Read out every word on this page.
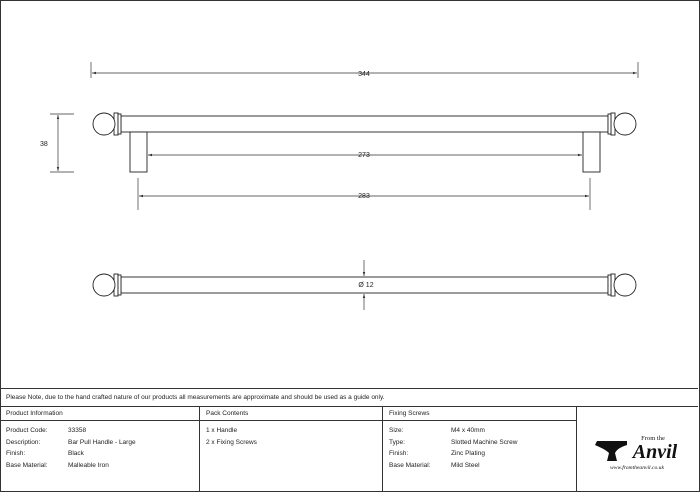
344
38
273
283
Ø 12
Please Note, due to the hand crafted nature of our products all measurements are approximate and should be used as a guide only.
Product Information
Product Code:	33358
Description:	Bar Pull Handle - Large
Finish:	Black
Base Material:	Malleable Iron
Pack Contents
1 x Handle
2 x Fixing Screws
Fixing Screws
Size:	M4 x 40mm
Type:	Slotted Machine Screw
Finish:	Zinc Plating
Base Material:	Mild Steel
From the
Anvil
www.fromtheanvil.co.uk
